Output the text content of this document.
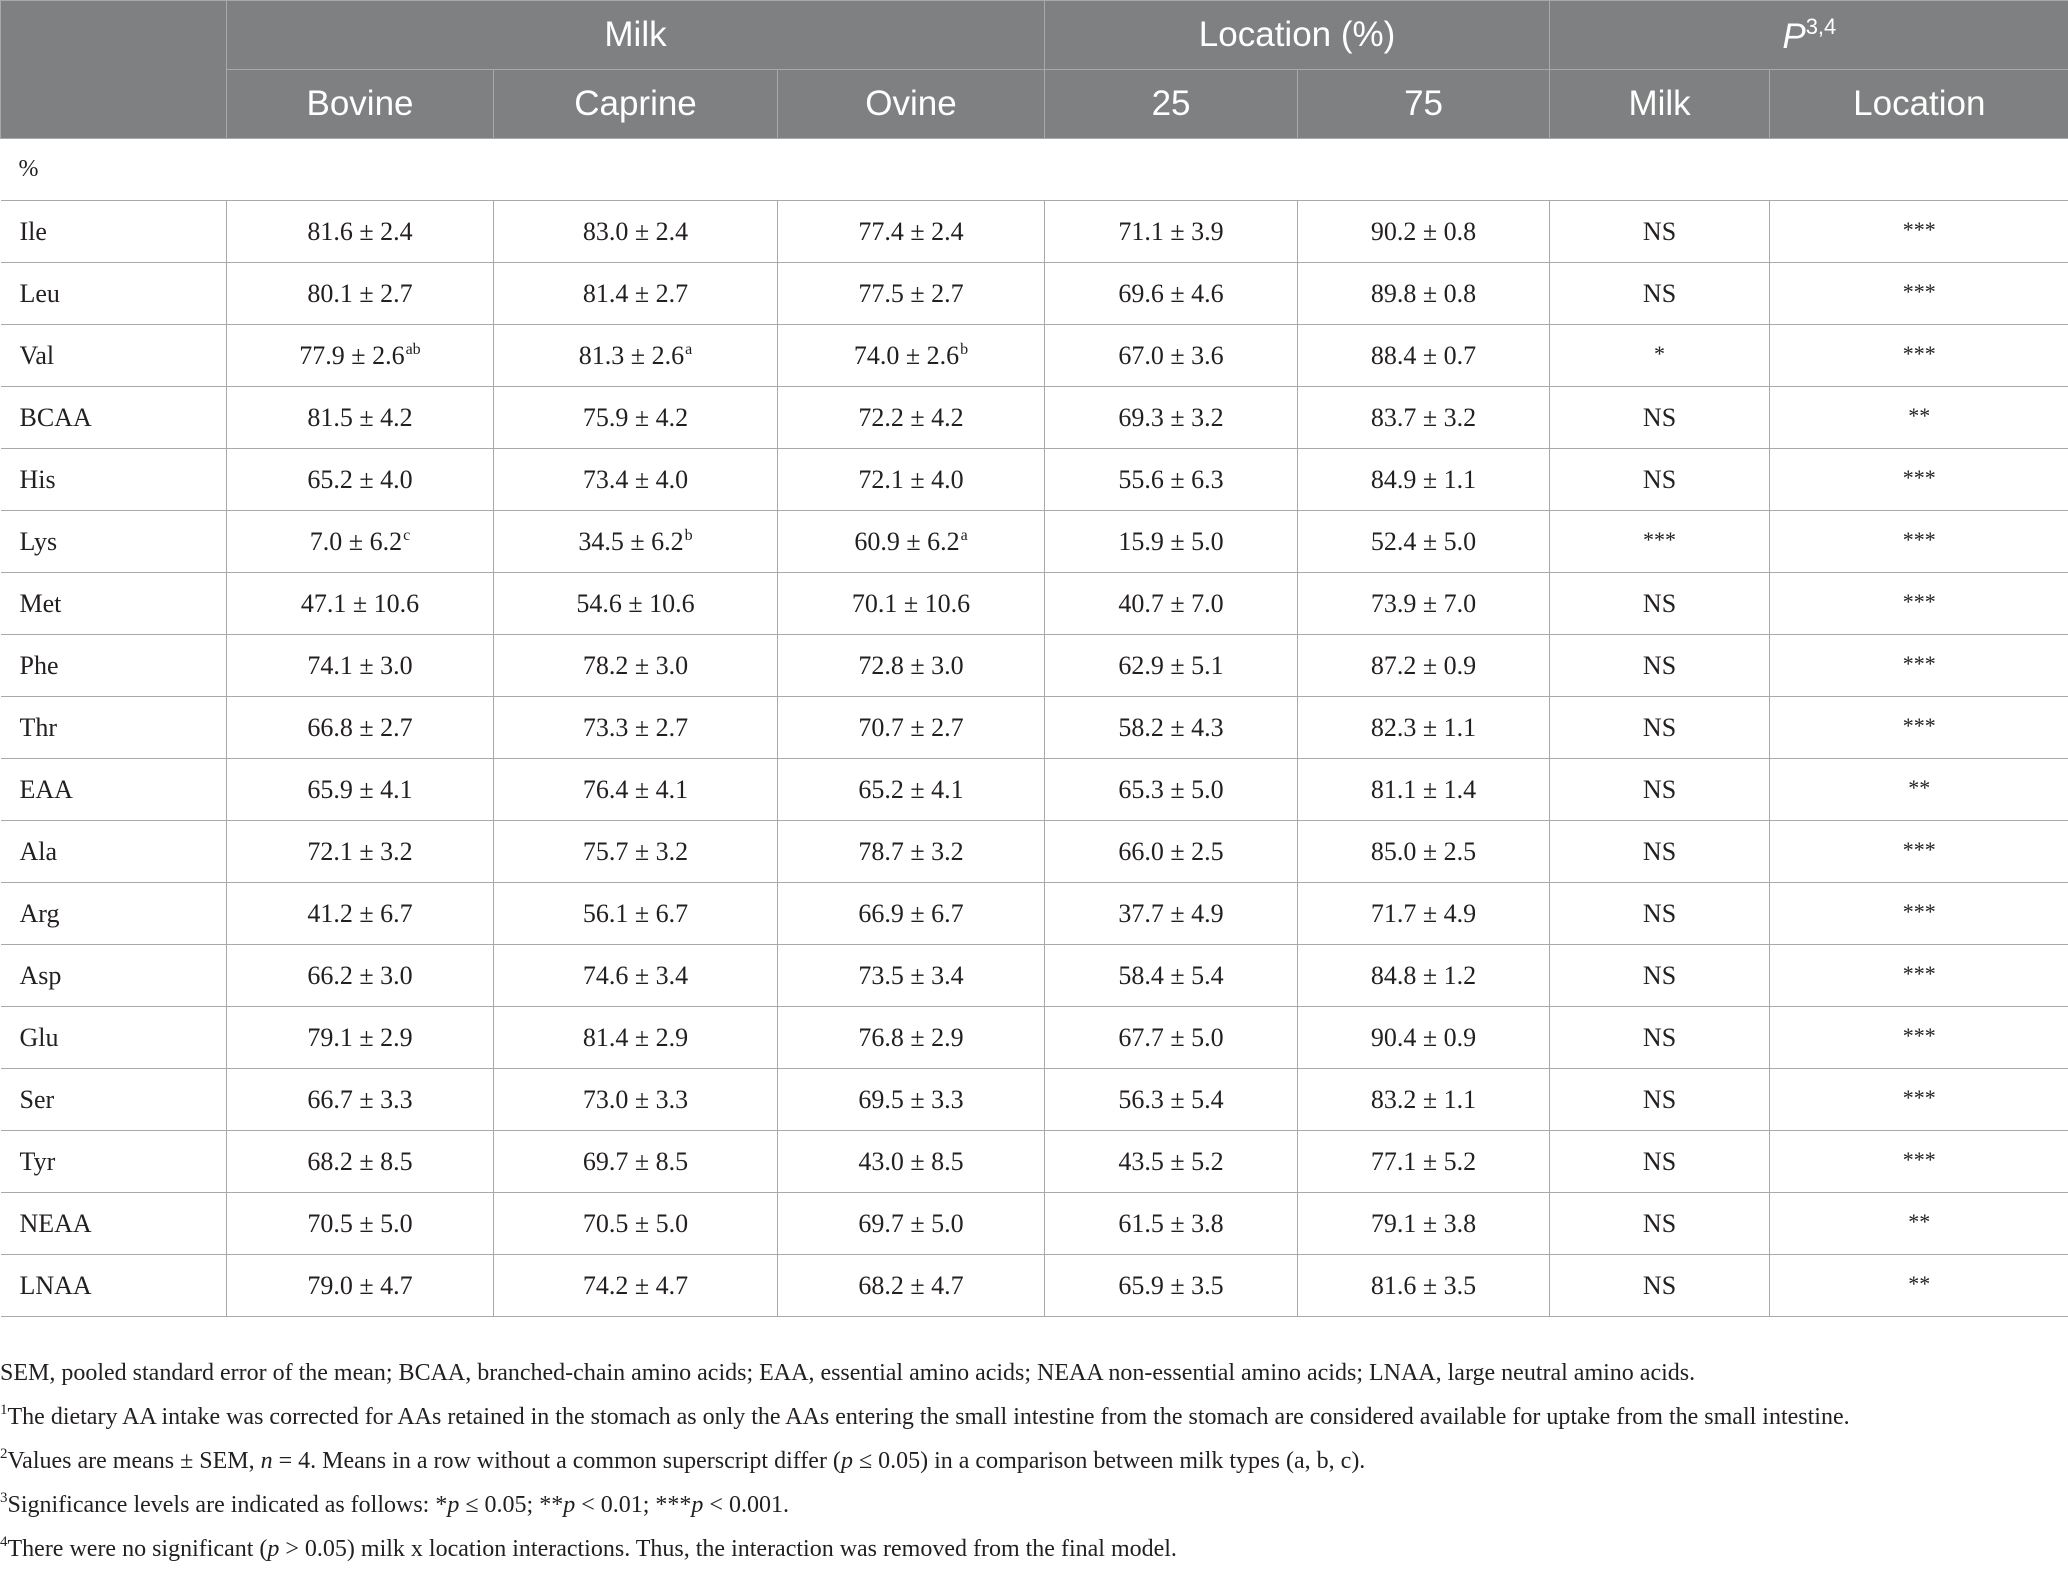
	Milk			Location (%)		P$^{3,4}$
	Bovine	Caprine	Ovine	25	75	Milk	Location
%							
Ile	81.6 ± 2.4	83.0 ± 2.4	77.4 ± 2.4	71.1 ± 3.9	90.2 ± 0.8	NS	***
Leu	80.1 ± 2.7	81.4 ± 2.7	77.5 ± 2.7	69.6 ± 4.6	89.8 ± 0.8	NS	***
Val	77.9 ± 2.6$^{ab}$	81.3 ± 2.6$^a$	74.0 ± 2.6$^b$	67.0 ± 3.6	88.4 ± 0.7	*	***
BCAA	81.5 ± 4.2	75.9 ± 4.2	72.2 ± 4.2	69.3 ± 3.2	83.7 ± 3.2	NS	**
His	65.2 ± 4.0	73.4 ± 4.0	72.1 ± 4.0	55.6 ± 6.3	84.9 ± 1.1	NS	***
Lys	7.0 ± 6.2$^c$	34.5 ± 6.2$^b$	60.9 ± 6.2$^a$	15.9 ± 5.0	52.4 ± 5.0	***	***
Met	47.1 ± 10.6	54.6 ± 10.6	70.1 ± 10.6	40.7 ± 7.0	73.9 ± 7.0	NS	***
Phe	74.1 ± 3.0	78.2 ± 3.0	72.8 ± 3.0	62.9 ± 5.1	87.2 ± 0.9	NS	***
Thr	66.8 ± 2.7	73.3 ± 2.7	70.7 ± 2.7	58.2 ± 4.3	82.3 ± 1.1	NS	***
EAA	65.9 ± 4.1	76.4 ± 4.1	65.2 ± 4.1	65.3 ± 5.0	81.1 ± 1.4	NS	**
Ala	72.1 ± 3.2	75.7 ± 3.2	78.7 ± 3.2	66.0 ± 2.5	85.0 ± 2.5	NS	***
Arg	41.2 ± 6.7	56.1 ± 6.7	66.9 ± 6.7	37.7 ± 4.9	71.7 ± 4.9	NS	***
Asp	66.2 ± 3.0	74.6 ± 3.4	73.5 ± 3.4	58.4 ± 5.4	84.8 ± 1.2	NS	***
Glu	79.1 ± 2.9	81.4 ± 2.9	76.8 ± 2.9	67.7 ± 5.0	90.4 ± 0.9	NS	***
Ser	66.7 ± 3.3	73.0 ± 3.3	69.5 ± 3.3	56.3 ± 5.4	83.2 ± 1.1	NS	***
Tyr	68.2 ± 8.5	69.7 ± 8.5	43.0 ± 8.5	43.5 ± 5.2	77.1 ± 5.2	NS	***
NEAA	70.5 ± 5.0	70.5 ± 5.0	69.7 ± 5.0	61.5 ± 3.8	79.1 ± 3.8	NS	**
LNAA	79.0 ± 4.7	74.2 ± 4.7	68.2 ± 4.7	65.9 ± 3.5	81.6 ± 3.5	NS	**

SEM, pooled standard error of the mean; BCAA, branched-chain amino acids; EAA, essential amino acids; NEAA non-essential amino acids; LNAA, large neutral amino acids.

$^1$The dietary AA intake was corrected for AAs retained in the stomach as only the AAs entering the small intestine from the stomach are considered available for uptake from the small intestine.

$^2$Values are means ± SEM, n = 4. Means in a row without a common superscript differ (p ≤ 0.05) in a comparison between milk types (a, b, c).

$^3$Significance levels are indicated as follows: *p ≤ 0.05; **p < 0.01; ***p < 0.001.

$^4$There were no significant (p > 0.05) milk x location interactions. Thus, the interaction was removed from the final model.
